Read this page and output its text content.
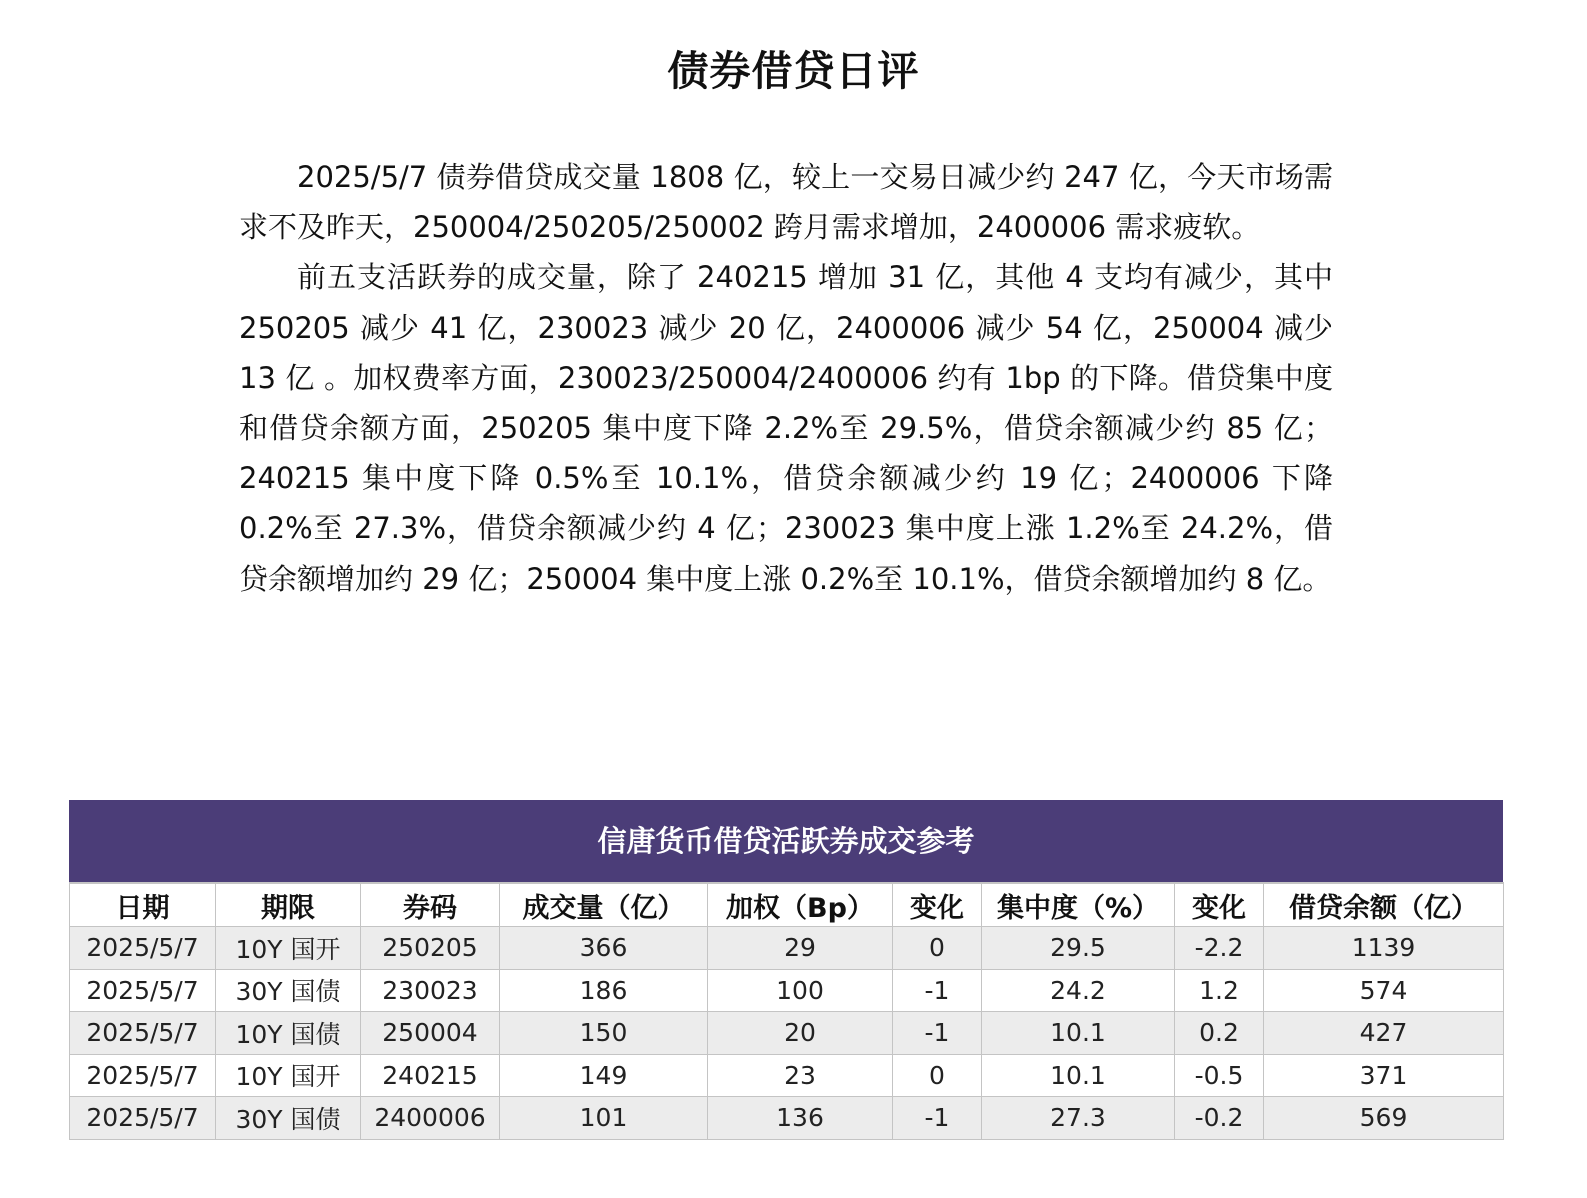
债券借贷日评

2025/5/7 债券借贷成交量 1808 亿，较上一交易日减少约 247 亿，今天市场需求不及昨天，250004/250205/250002 跨月需求增加，2400006 需求疲软。

前五支活跃券的成交量，除了 240215 增加 31 亿，其他 4 支均有减少，其中 250205 减少 41 亿，230023 减少 20 亿，2400006 减少 54 亿，250004 减少 13 亿 。加权费率方面，230023/250004/2400006 约有 1bp 的下降。借贷集中度和借贷余额方面，250205 集中度下降 2.2%至 29.5%，借贷余额减少约 85 亿；240215 集中度下降 0.5%至 10.1%，借贷余额减少约 19 亿；2400006 下降 0.2%至 27.3%，借贷余额减少约 4 亿；230023 集中度上涨 1.2%至 24.2%，借贷余额增加约 29 亿；250004 集中度上涨 0.2%至 10.1%，借贷余额增加约 8 亿。

信唐货币借贷活跃券成交参考
日期	期限	券码	成交量（亿）	加权（Bp）	变化	集中度（%）	变化	借贷余额（亿）
2025/5/7	10Y 国开	250205	366	29	0	29.5	-2.2	1139
2025/5/7	30Y 国债	230023	186	100	-1	24.2	1.2	574
2025/5/7	10Y 国债	250004	150	20	-1	10.1	0.2	427
2025/5/7	10Y 国开	240215	149	23	0	10.1	-0.5	371
2025/5/7	30Y 国债	2400006	101	136	-1	27.3	-0.2	569
